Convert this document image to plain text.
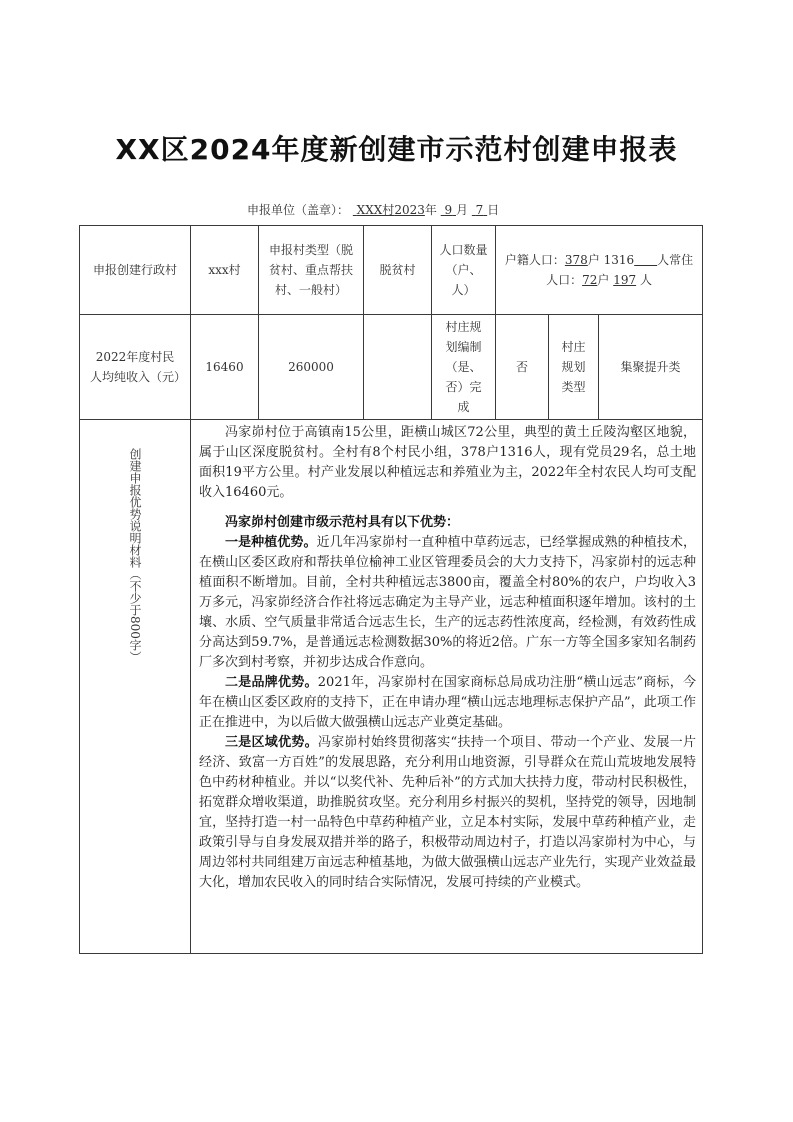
XX区2024年度新创建市示范村创建申报表
申报单位（盖章）： XXX村2023年 9 月 7 日
申报创建行政村	xxx村	申报村类型（脱贫村、重点帮扶村、一般村）	脱贫村	人口数量（户、人）	户籍人口：378户 1316 人常住人口：72户 197 人		
2022年度村民人均纯收入（元）	16460	260000		村庄规划编制（是、否）完成	否	村庄规划类型	集聚提升类

创建申报优势说明材料（不少于800字）	冯家峁村位于高镇南15公里，距横山城区72公里，典型的黄土丘陵沟壑区地貌，属于山区深度脱贫村。全村有8个村民小组，378户1316人，现有党员29名，总土地面积19平方公里。村产业发展以种植远志和养殖业为主，2022年全村农民人均可支配收入16460元。

冯家峁村创建市级示范村具有以下优势：

一是种植优势。近几年冯家峁村一直种植中草药远志，已经掌握成熟的种植技术，在横山区委区政府和帮扶单位榆神工业区管理委员会的大力支持下，冯家峁村的远志种植面积不断增加。目前，全村共种植远志3800亩，覆盖全村80%的农户，户均收入3万多元，冯家峁经济合作社将远志确定为主导产业，远志种植面积逐年增加。该村的土壤、水质、空气质量非常适合远志生长，生产的远志药性浓度高，经检测，有效药性成分高达到59.7%，是普通远志检测数据30%的将近2倍。广东一方等全国多家知名制药厂多次到村考察，并初步达成合作意向。

二是品牌优势。2021年，冯家峁村在国家商标总局成功注册“横山远志”商标，今年在横山区委区政府的支持下，正在申请办理“横山远志地理标志保护产品”，此项工作正在推进中，为以后做大做强横山远志产业奠定基础。

三是区域优势。冯家峁村始终贯彻落实“扶持一个项目、带动一个产业、发展一片经济、致富一方百姓”的发展思路，充分利用山地资源，引导群众在荒山荒坡地发展特色中药材种植业。并以“以奖代补、先种后补”的方式加大扶持力度，带动村民积极性，拓宽群众增收渠道，助推脱贫攻坚。充分利用乡村振兴的契机，坚持党的领导，因地制宜，坚持打造一村一品特色中草药种植产业，立足本村实际，发展中草药种植产业，走政策引导与自身发展双措并举的路子，积极带动周边村子，打造以冯家峁村为中心，与周边邻村共同组建万亩远志种植基地，为做大做强横山远志产业先行，实现产业效益最大化，增加农民收入的同时结合实际情况，发展可持续的产业模式。						
